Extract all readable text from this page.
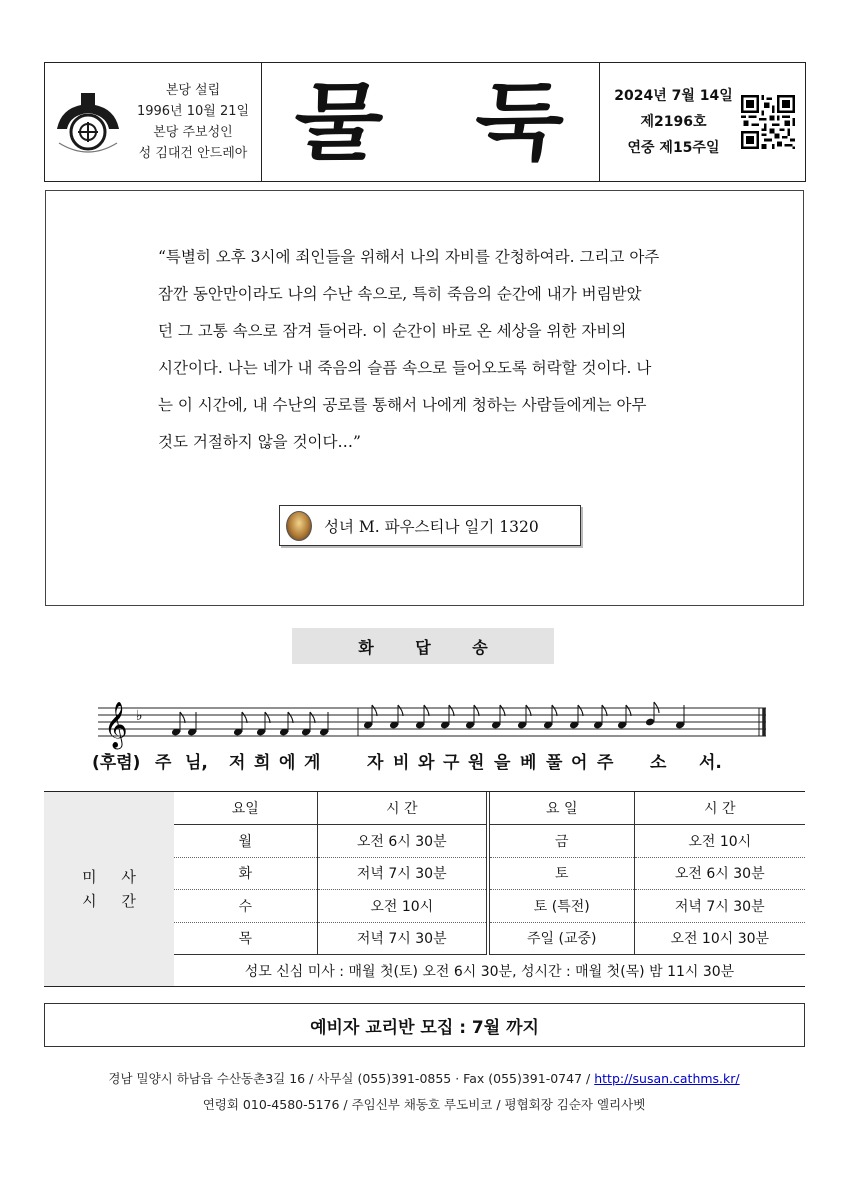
본당 설립
1996년 10월 21일
본당 주보성인
성 김대건 안드레아 물 둑	2024년 7월 14일
제2196호
연중 제15주일
“특별히 오후 3시에 죄인들을 위해서 나의 자비를 간청하여라. 그리고 아주
잠깐 동안만이라도 나의 수난 속으로, 특히 죽음의 순간에 내가 버림받았
던 그 고통 속으로 잠겨 들어라. 이 순간이 바로 온 세상을 위한 자비의
시간이다. 나는 네가 내 죽음의 슬픔 속으로 들어오도록 허락할 것이다. 나
는 이 시간에, 내 수난의 공로를 통해서 나에게 청하는 사람들에게는 아무
것도 거절하지 않을 것이다…”
성녀 M. 파우스티나 일기 1320
화 답 송
𝄞 ♭
(후렴) 주 님, 저 희 에 게	자 비 와 구 원 을 베 풀 어 주 소 서.
미 사
시 간
요일	시 간	요 일	시 간
월	오전 6시 30분	금	오전 10시
화	저녁 7시 30분	토	오전 6시 30분
수	오전 10시	토 (특전)	저녁 7시 30분
목	저녁 7시 30분	주일 (교중)	오전 10시 30분
성모 신심 미사 : 매월 첫(토) 오전 6시 30분, 성시간 : 매월 첫(목) 밤 11시 30분			
예비자 교리반 모집 : 7월 까지
경남 밀양시 하남읍 수산동촌3길 16 / 사무실 (055)391-0855 · Fax (055)391-0747 / http://susan.cathms.kr/
연령회 010-4580-5176 / 주임신부 채동호 루도비코 / 평협회장 김순자 엘리사벳
